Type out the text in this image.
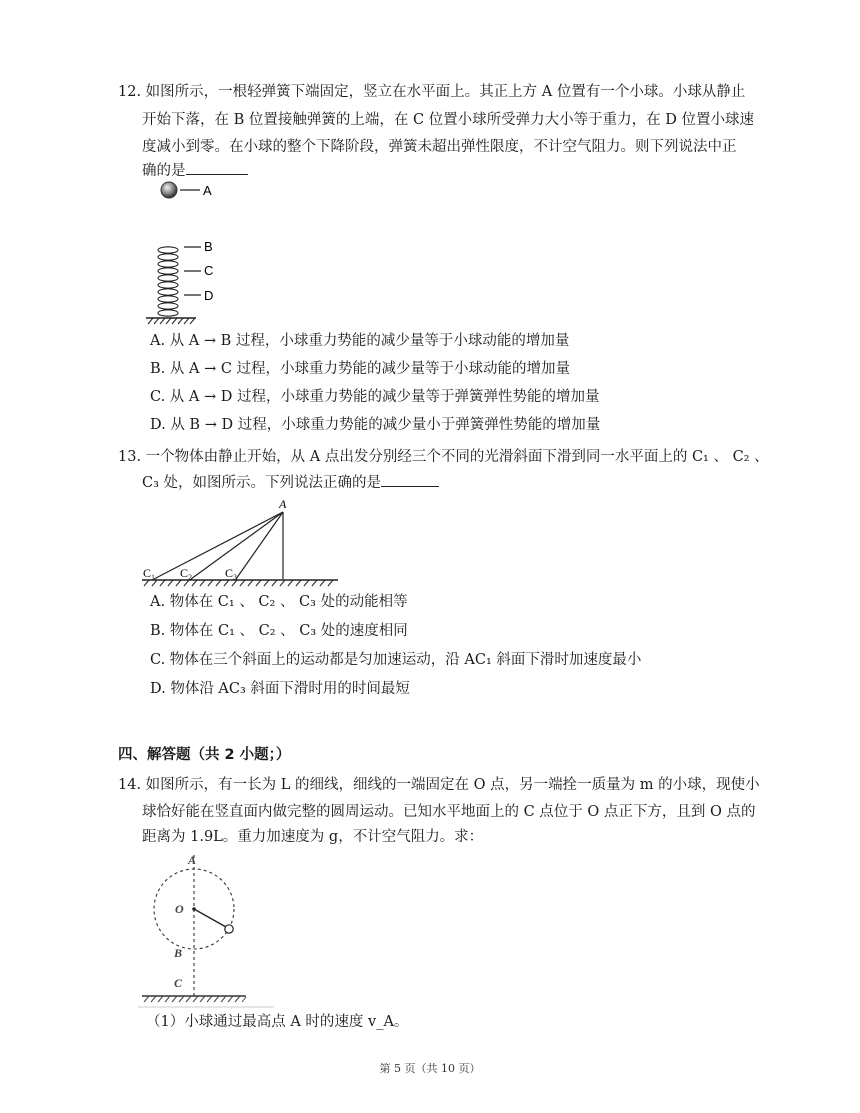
12. 如图所示，一根轻弹簧下端固定，竖立在水平面上。其正上方 A 位置有一个小球。小球从静止
开始下落，在 B 位置接触弹簧的上端，在 C 位置小球所受弹力大小等于重力，在 D 位置小球速
度减小到零。在小球的整个下降阶段，弹簧未超出弹性限度，不计空气阻力。则下列说法中正
确的是
A
B
C
D
A. 从 A → B 过程，小球重力势能的减少量等于小球动能的增加量
B. 从 A → C 过程，小球重力势能的减少量等于小球动能的增加量
C. 从 A → D 过程，小球重力势能的减少量等于弹簧弹性势能的增加量
D. 从 B → D 过程，小球重力势能的减少量小于弹簧弹性势能的增加量
13. 一个物体由静止开始，从 A 点出发分别经三个不同的光滑斜面下滑到同一水平面上的 C₁ 、 C₂ 、
C₃ 处，如图所示。下列说法正确的是
A
C₁ C₂	C₃
A. 物体在 C₁ 、 C₂ 、 C₃ 处的动能相等
B. 物体在 C₁ 、 C₂ 、 C₃ 处的速度相同
C. 物体在三个斜面上的运动都是匀加速运动，沿 AC₁ 斜面下滑时加速度最小
D. 物体沿 AC₃ 斜面下滑时用的时间最短
四、解答题（共 2 小题；）
14. 如图所示，有一长为 L 的细线，细线的一端固定在 O 点，另一端拴一质量为 m 的小球，现使小
球恰好能在竖直面内做完整的圆周运动。已知水平地面上的 C 点位于 O 点正下方，且到 O 点的
距离为 1.9L。重力加速度为 g，不计空气阻力。求：
A
O
B
C
（1）小球通过最高点 A 时的速度 v_A。
第 5 页（共 10 页）
